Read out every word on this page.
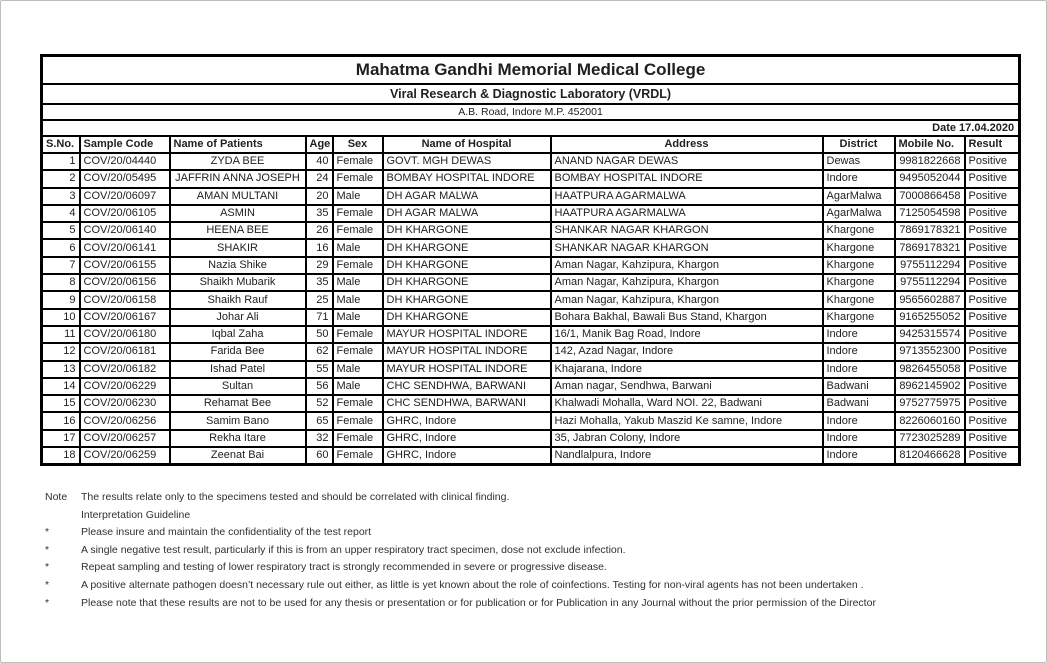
Mahatma Gandhi Memorial Medical College									
Viral Research & Diagnostic Laboratory (VRDL)									
A.B. Road, Indore M.P. 452001									
Date 17.04.2020									
S.No.	Sample Code	Name of Patients	Age	Sex	Name of Hospital	Address	District	Mobile No.	Result
1	COV/20/04440	ZYDA BEE	40	Female	GOVT. MGH DEWAS	ANAND NAGAR DEWAS	Dewas	9981822668	Positive
2	COV/20/05495	JAFFRIN ANNA JOSEPH	24	Female	BOMBAY HOSPITAL INDORE	BOMBAY HOSPITAL INDORE	Indore	9495052044	Positive
3	COV/20/06097	AMAN MULTANI	20	Male	DH AGAR MALWA	HAATPURA AGARMALWA	AgarMalwa	7000866458	Positive
4	COV/20/06105	ASMIN	35	Female	DH AGAR MALWA	HAATPURA AGARMALWA	AgarMalwa	7125054598	Positive
5	COV/20/06140	HEENA BEE	26	Female	DH KHARGONE	SHANKAR NAGAR KHARGON	Khargone	7869178321	Positive
6	COV/20/06141	SHAKIR	16	Male	DH KHARGONE	SHANKAR NAGAR KHARGON	Khargone	7869178321	Positive
7	COV/20/06155	Nazia Shike	29	Female	DH KHARGONE	Aman Nagar, Kahzipura, Khargon	Khargone	9755112294	Positive
8	COV/20/06156	Shaikh Mubarik	35	Male	DH KHARGONE	Aman Nagar, Kahzipura, Khargon	Khargone	9755112294	Positive
9	COV/20/06158	Shaikh Rauf	25	Male	DH KHARGONE	Aman Nagar, Kahzipura, Khargon	Khargone	9565602887	Positive
10	COV/20/06167	Johar Ali	71	Male	DH KHARGONE	Bohara Bakhal, Bawali Bus Stand, Khargon	Khargone	9165255052	Positive
11	COV/20/06180	Iqbal Zaha	50	Female	MAYUR HOSPITAL INDORE	16/1, Manik Bag Road, Indore	Indore	9425315574	Positive
12	COV/20/06181	Farida Bee	62	Female	MAYUR HOSPITAL INDORE	142, Azad Nagar, Indore	Indore	9713552300	Positive
13	COV/20/06182	Ishad Patel	55	Male	MAYUR HOSPITAL INDORE	Khajarana, Indore	Indore	9826455058	Positive
14	COV/20/06229	Sultan	56	Male	CHC SENDHWA, BARWANI	Aman nagar, Sendhwa, Barwani	Badwani	8962145902	Positive
15	COV/20/06230	Rehamat Bee	52	Female	CHC SENDHWA, BARWANI	Khalwadi Mohalla, Ward NOI. 22, Badwani	Badwani	9752775975	Positive
16	COV/20/06256	Samim Bano	65	Female	GHRC, Indore	Hazi Mohalla, Yakub Maszid Ke samne, Indore	Indore	8226060160	Positive
17	COV/20/06257	Rekha Itare	32	Female	GHRC, Indore	35, Jabran Colony, Indore	Indore	7723025289	Positive
18	COV/20/06259	Zeenat Bai	60	Female	GHRC, Indore	Nandlalpura, Indore	Indore	8120466628	Positive
Note	The results relate only to the specimens tested and should be correlated with clinical finding.
Interpretation Guideline
*	Please insure and maintain the confidentiality of the test report
*	A single negative test result, particularly if this is from an upper respiratory tract specimen, dose not exclude infection.
*	Repeat sampling and testing of lower respiratory tract is strongly recommended in severe or progressive disease.
*	A positive alternate pathogen doesn’t necessary rule out either, as little is yet known about the role of coinfections. Testing for non-viral agents has not been undertaken .
*	Please note that these results are not to be used for any thesis or presentation or for publication or for Publication in any Journal without the prior permission of the Director
